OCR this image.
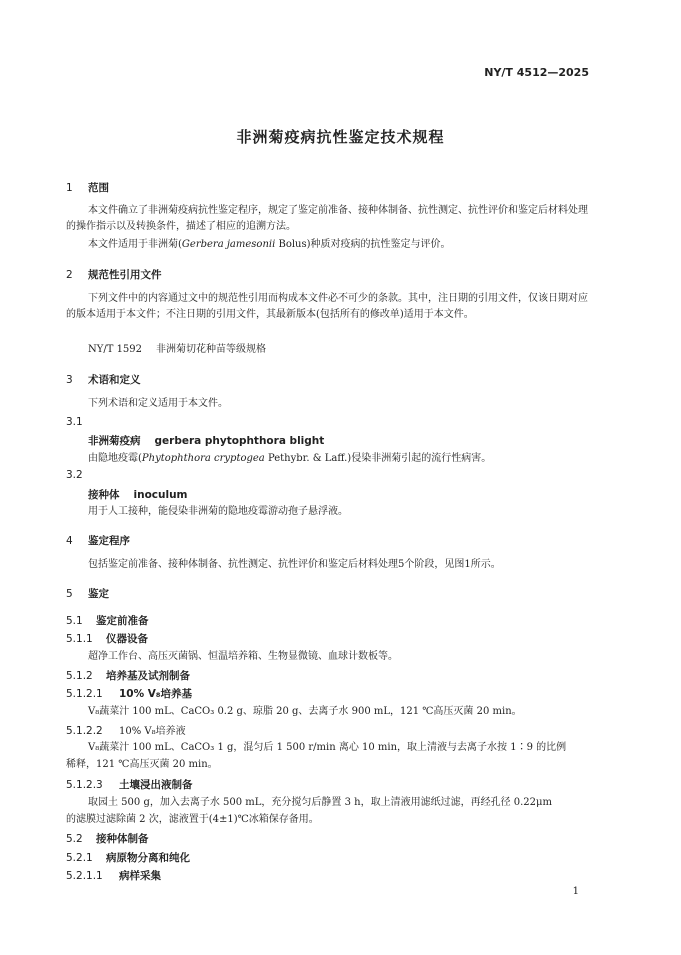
NY/T 4512—2025
非洲菊疫病抗性鉴定技术规程
1 范围
本文件确立了非洲菊疫病抗性鉴定程序，规定了鉴定前准备、接种体制备、抗性测定、抗性评价和鉴定后材料处理的操作指示以及转换条件，描述了相应的追溯方法。
本文件适用于非洲菊(Gerbera jamesonii Bolus)种质对疫病的抗性鉴定与评价。
2 规范性引用文件
下列文件中的内容通过文中的规范性引用而构成本文件必不可少的条款。其中，注日期的引用文件，仅该日期对应的版本适用于本文件；不注日期的引用文件，其最新版本(包括所有的修改单)适用于本文件。
NY/T 1592 非洲菊切花种苗等级规格
3 术语和定义
下列术语和定义适用于本文件。
3.1
非洲菊疫病 gerbera phytophthora blight
由隐地疫霉(Phytophthora cryptogea Pethybr. & Laff.)侵染非洲菊引起的流行性病害。
3.2
接种体 inoculum
用于人工接种，能侵染非洲菊的隐地疫霉游动孢子悬浮液。
4 鉴定程序
包括鉴定前准备、接种体制备、抗性测定、抗性评价和鉴定后材料处理5个阶段，见图1所示。
5 鉴定
5.1 鉴定前准备
5.1.1 仪器设备
超净工作台、高压灭菌锅、恒温培养箱、生物显微镜、血球计数板等。
5.1.2 培养基及试剂制备
5.1.2.1 10% V₈培养基
V₈蔬菜汁 100 mL、CaCO₃ 0.2 g、琼脂 20 g、去离子水 900 mL，121 ℃高压灭菌 20 min。
5.1.2.2 10% V₈培养液
V₈蔬菜汁 100 mL、CaCO₃ 1 g，混匀后 1 500 r/min 离心 10 min，取上清液与去离子水按 1∶9 的比例
稀释，121 ℃高压灭菌 20 min。
5.1.2.3 土壤浸出液制备
取园土 500 g，加入去离子水 500 mL，充分搅匀后静置 3 h，取上清液用滤纸过滤，再经孔径 0.22μm
的滤膜过滤除菌 2 次，滤液置于(4±1)℃冰箱保存备用。
5.2 接种体制备
5.2.1 病原物分离和纯化
5.2.1.1 病样采集
1
